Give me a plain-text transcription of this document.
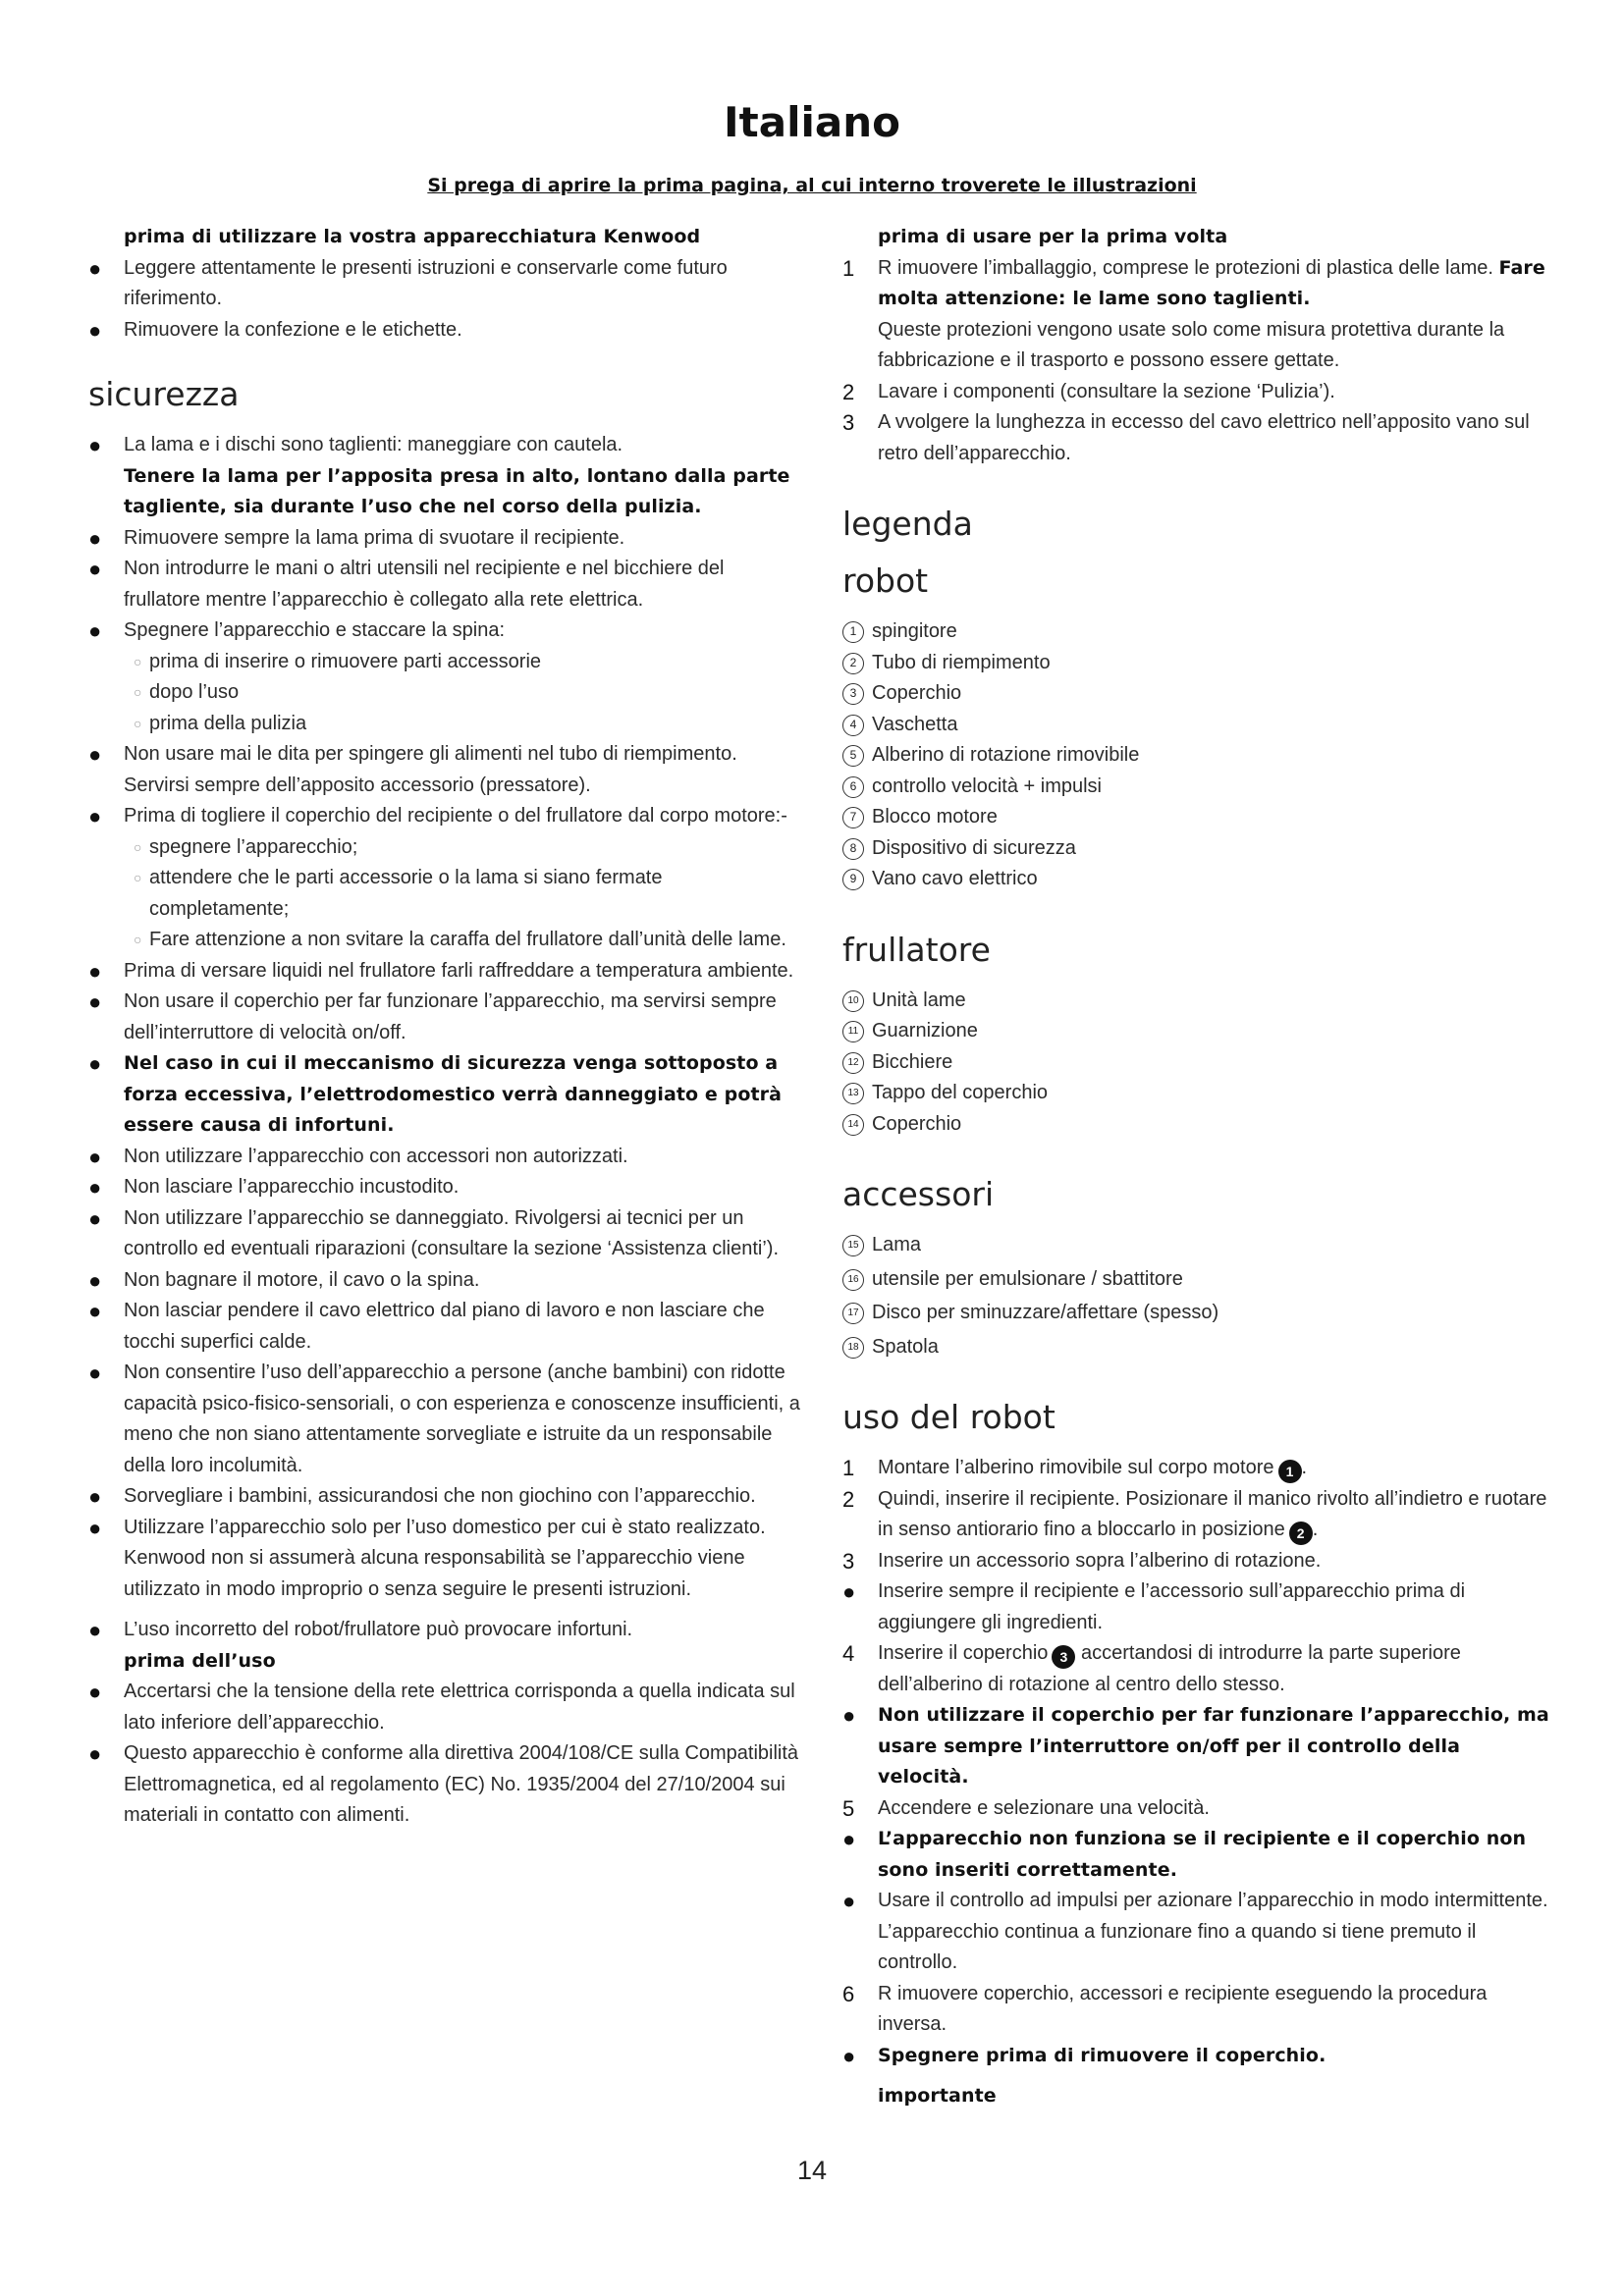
Italiano
Si prega di aprire la prima pagina, al cui interno troverete le illustrazioni
prima di utilizzare la vostra apparecchiatura Kenwood
●	Leggere attentamente le presenti istruzioni e conservarle come futuro riferimento.
●	Rimuovere la confezione e le etichette.
sicurezza
●	La lama e i dischi sono taglienti: maneggiare con cautela.
Tenere la lama per l’apposita presa in alto, lontano dalla parte tagliente, sia durante l’uso che nel corso della pulizia.
●	Rimuovere sempre la lama prima di svuotare il recipiente.
●	Non introdurre le mani o altri utensili nel recipiente e nel bicchiere del frullatore mentre l’apparecchio è collegato alla rete elettrica.
●	Spegnere l’apparecchio e staccare la spina:
○ prima di inserire o rimuovere parti accessorie
○ dopo l’uso
○ prima della pulizia
●	Non usare mai le dita per spingere gli alimenti nel tubo di riempimento. Servirsi sempre dell’apposito accessorio (pressatore).
●	Prima di togliere il coperchio del recipiente o del frullatore dal corpo motore:-
○ spegnere l’apparecchio;
○ attendere che le parti accessorie o la lama si siano fermate completamente;
○ Fare attenzione a non svitare la caraffa del frullatore dall’unità delle lame.
●	Prima di versare liquidi nel frullatore farli raffreddare a temperatura ambiente.
●	Non usare il coperchio per far funzionare l’apparecchio, ma servirsi sempre dell’interruttore di velocità on/off.
●	Nel caso in cui il meccanismo di sicurezza venga sottoposto a forza eccessiva, l’elettrodomestico verrà danneggiato e potrà essere causa di infortuni.
●	Non utilizzare l’apparecchio con accessori non autorizzati.
●	Non lasciare l’apparecchio incustodito.
●	Non utilizzare l’apparecchio se danneggiato. Rivolgersi ai tecnici per un controllo ed eventuali riparazioni (consultare la sezione ‘Assistenza clienti’).
●	Non bagnare il motore, il cavo o la spina.
●	Non lasciar pendere il cavo elettrico dal piano di lavoro e non lasciare che tocchi superfici calde.
●	Non consentire l’uso dell’apparecchio a persone (anche bambini) con ridotte capacità psico-fisico-sensoriali, o con esperienza e conoscenze insufficienti, a meno che non siano attentamente sorvegliate e istruite da un responsabile della loro incolumità.
●	Sorvegliare i bambini, assicurandosi che non giochino con l’apparecchio.
●	Utilizzare l’apparecchio solo per l’uso domestico per cui è stato realizzato. Kenwood non si assumerà alcuna responsabilità se l’apparecchio viene utilizzato in modo improprio o senza seguire le presenti istruzioni.
●	L’uso incorretto del robot/frullatore può provocare infortuni.
prima dell’uso
●	Accertarsi che la tensione della rete elettrica corrisponda a quella indicata sul lato inferiore dell’apparecchio.
●	Questo apparecchio è conforme alla direttiva 2004/108/CE sulla Compatibilità Elettromagnetica, ed al regolamento (EC) No. 1935/2004 del 27/10/2004 sui materiali in contatto con alimenti.
prima di usare per la prima volta
1	R imuovere l’imballaggio, comprese le protezioni di plastica delle lame. Fare molta attenzione: le lame sono taglienti.
Queste protezioni vengono usate solo come misura protettiva durante la fabbricazione e il trasporto e possono essere gettate.
2	Lavare i componenti (consultare la sezione ‘Pulizia’).
3	A vvolgere la lunghezza in eccesso del cavo elettrico nell’apposito vano sul retro dell’apparecchio.
legenda
robot
1 spingitore
2 Tubo di riempimento
3 Coperchio
4 Vaschetta
5 Alberino di rotazione rimovibile
6 controllo velocità + impulsi
7 Blocco motore
8 Dispositivo di sicurezza
9 Vano cavo elettrico
frullatore
10 Unità lame
11 Guarnizione
12 Bicchiere
13 Tappo del coperchio
14 Coperchio
accessori
15 Lama
16 utensile per emulsionare / sbattitore
17 Disco per sminuzzare/affettare (spesso)
18 Spatola
uso del robot
1	Montare l’alberino rimovibile sul corpo motore 1 .
2	Quindi, inserire il recipiente. Posizionare il manico rivolto all’indietro e ruotare in senso antiorario fino a bloccarlo in posizione 2 .
3	Inserire un accessorio sopra l’alberino di rotazione.
●	Inserire sempre il recipiente e l’accessorio sull’apparecchio prima di aggiungere gli ingredienti.
4	Inserire il coperchio 3 accertandosi di introdurre la parte superiore dell’alberino di rotazione al centro dello stesso.
●	Non utilizzare il coperchio per far funzionare l’apparecchio, ma usare sempre l’interruttore on/off per il controllo della velocità.
5	Accendere e selezionare una velocità.
●	L’apparecchio non funziona se il recipiente e il coperchio non sono inseriti correttamente.
●	Usare il controllo ad impulsi per azionare l’apparecchio in modo intermittente. L’apparecchio continua a funzionare fino a quando si tiene premuto il controllo.
6	R imuovere coperchio, accessori e recipiente eseguendo la procedura inversa.
●	Spegnere prima di rimuovere il coperchio.
importante
14
